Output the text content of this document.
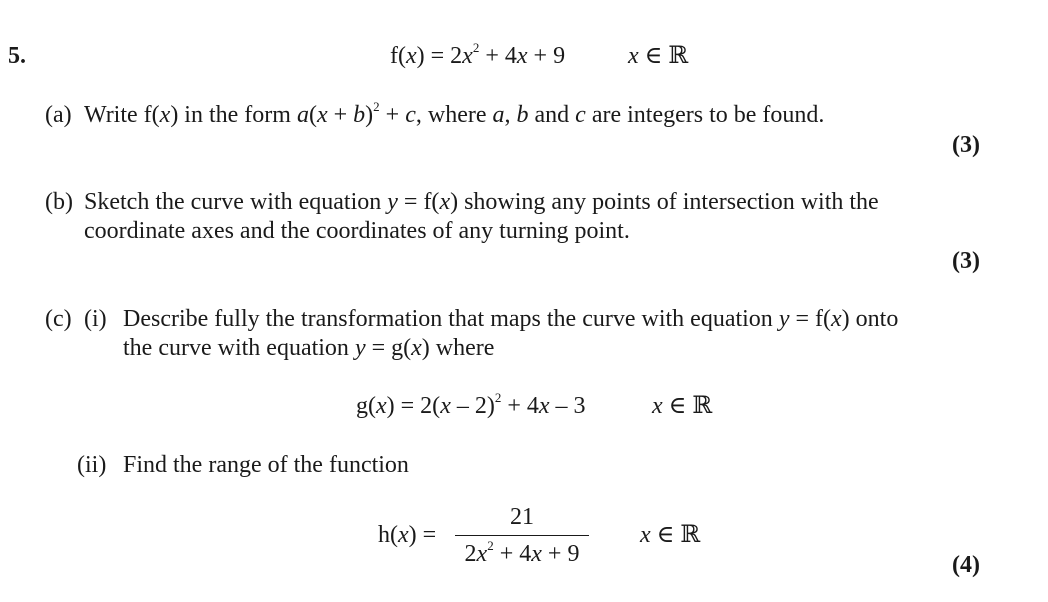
5.	$f(x) = 2x^2 + 4x + 9$	x ∈ ℝ
(a) Write f(x) in the form $a(x + b)^2 + c$, where a, b and c are integers to be found.
(3)
(b) Sketch the curve with equation y = f(x) showing any points of intersection with the
coordinate axes and the coordinates of any turning point.
(3)
(c) (i) Describe fully the transformation that maps the curve with equation y = f(x) onto
the curve with equation y = g(x) where
g(x) = 2(x – 2)$^2$ + 4x – 3	x ∈ ℝ
(ii) Find the range of the function
h(x) =
21
$2x^2 + 4x + 9$
x ∈ ℝ
(4)
